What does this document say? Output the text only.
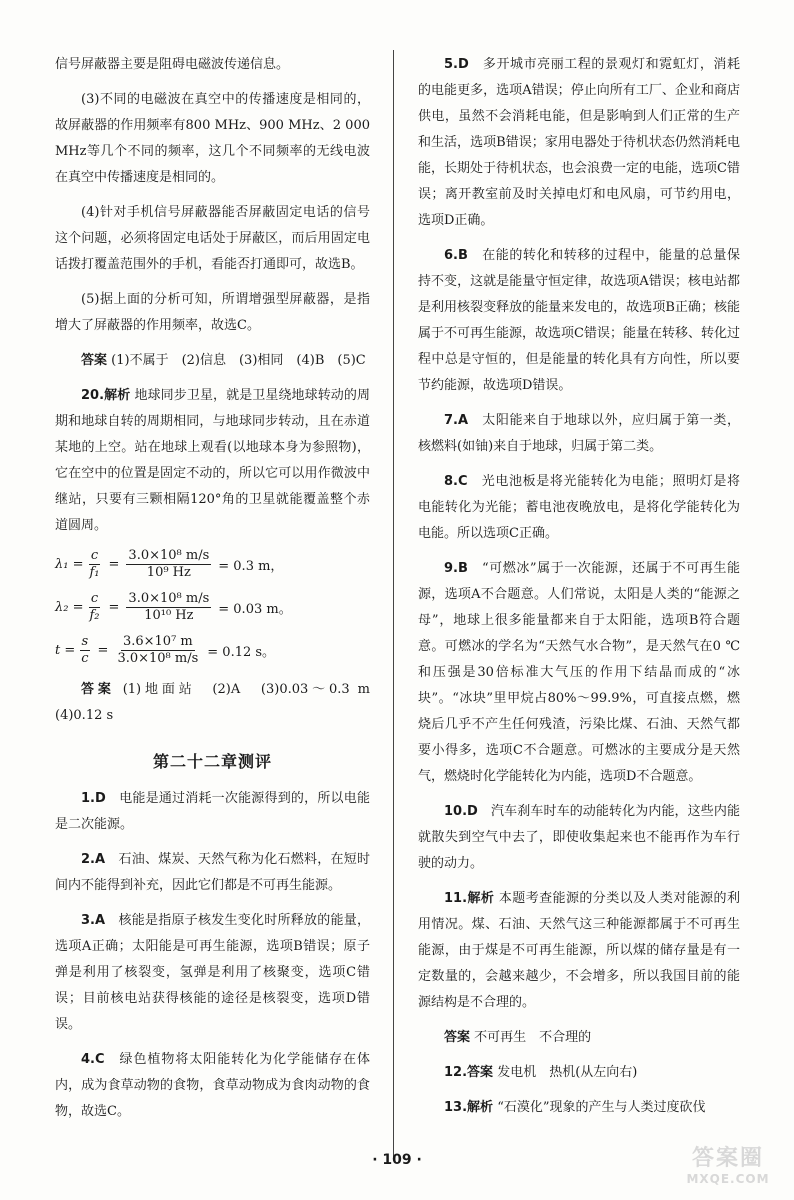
信号屏蔽器主要是阻碍电磁波传递信息。

(3)不同的电磁波在真空中的传播速度是相同的，故屏蔽器的作用频率有800 MHz、900 MHz、2 000 MHz等几个不同的频率，这几个不同频率的无线电波在真空中传播速度是相同的。

(4)针对手机信号屏蔽器能否屏蔽固定电话的信号这个问题，必须将固定电话处于屏蔽区，而后用固定电话拨打覆盖范围外的手机，看能否打通即可，故选B。

(5)据上面的分析可知，所谓增强型屏蔽器，是指增大了屏蔽器的作用频率，故选C。

答案 (1)不属于　(2)信息　(3)相同　(4)B　(5)C

20.解析 地球同步卫星，就是卫星绕地球转动的周期和地球自转的周期相同，与地球同步转动，且在赤道某地的上空。站在地球上观看(以地球本身为参照物)，它在空中的位置是固定不动的，所以它可以用作微波中继站，只要有三颗相隔120°角的卫星就能覆盖整个赤道圆周。

$\lambda_1 = \frac{c}{\text{f₁}} = \frac{\text{3.0×10⁸ m/s}}{\text{10⁹ Hz}} = 0.3$ m，
$\lambda_2 = \frac{c}{\text{f₂}} = \frac{\text{3.0×10⁸ m/s}}{\text{10¹⁰ Hz}} = 0.03$ m。
$t = \frac{s}{c} = \frac{\text{3.6×10⁷ m}}{\text{3.0×10⁸ m/s}} = 0.12$ s。

答案 (1)地面站　(2)A　(3)0.03～0.3 m　(4)0.12 s

第二十二章测评

1.D　 电能是通过消耗一次能源得到的，所以电能是二次能源。

2.A　 石油、煤炭、天然气称为化石燃料，在短时间内不能得到补充，因此它们都是不可再生能源。

3.A　 核能是指原子核发生变化时所释放的能量，选项A正确；太阳能是可再生能源，选项B错误；原子弹是利用了核裂变，氢弹是利用了核聚变，选项C错误；目前核电站获得核能的途径是核裂变，选项D错误。

4.C　 绿色植物将太阳能转化为化学能储存在体内，成为食草动物的食物，食草动物成为食肉动物的食物，故选C。

5.D　 多开城市亮丽工程的景观灯和霓虹灯，消耗的电能更多，选项A错误；停止向所有工厂、企业和商店供电，虽然不会消耗电能，但是影响到人们正常的生产和生活，选项B错误；家用电器处于待机状态仍然消耗电能，长期处于待机状态，也会浪费一定的电能，选项C错误；离开教室前及时关掉电灯和电风扇，可节约用电，选项D正确。

6.B　 在能的转化和转移的过程中，能量的总量保持不变，这就是能量守恒定律，故选项A错误；核电站都是利用核裂变释放的能量来发电的，故选项B正确；核能属于不可再生能源，故选项C错误；能量在转移、转化过程中总是守恒的，但是能量的转化具有方向性，所以要节约能源，故选项D错误。

7.A　 太阳能来自于地球以外，应归属于第一类，核燃料(如铀)来自于地球，归属于第二类。

8.C　 光电池板是将光能转化为电能；照明灯是将电能转化为光能；蓄电池夜晚放电，是将化学能转化为电能。所以选项C正确。

9.B　 “可燃冰”属于一次能源，还属于不可再生能源，选项A不合题意。人们常说，太阳是人类的“能源之母”，地球上很多能量都来自于太阳能，选项B符合题意。可燃冰的学名为“天然气水合物”，是天然气在0 ℃和压强是30倍标准大气压的作用下结晶而成的“冰块”。“冰块”里甲烷占80%～99.9%，可直接点燃，燃烧后几乎不产生任何残渣，污染比煤、石油、天然气都要小得多，选项C不合题意。可燃冰的主要成分是天然气，燃烧时化学能转化为内能，选项D不合题意。

10.D　 汽车刹车时车的动能转化为内能，这些内能就散失到空气中去了，即使收集起来也不能再作为车行驶的动力。

11.解析 本题考查能源的分类以及人类对能源的利用情况。煤、石油、天然气这三种能源都属于不可再生能源，由于煤是不可再生能源，所以煤的储存量是有一定数量的，会越来越少，不会增多，所以我国目前的能源结构是不合理的。

答案 不可再生　不合理的

12.答案 发电机　热机(从左向右)

13.解析 “石漠化”现象的产生与人类过度砍伐

· 109 ·	答案圈
MXQE.COM
